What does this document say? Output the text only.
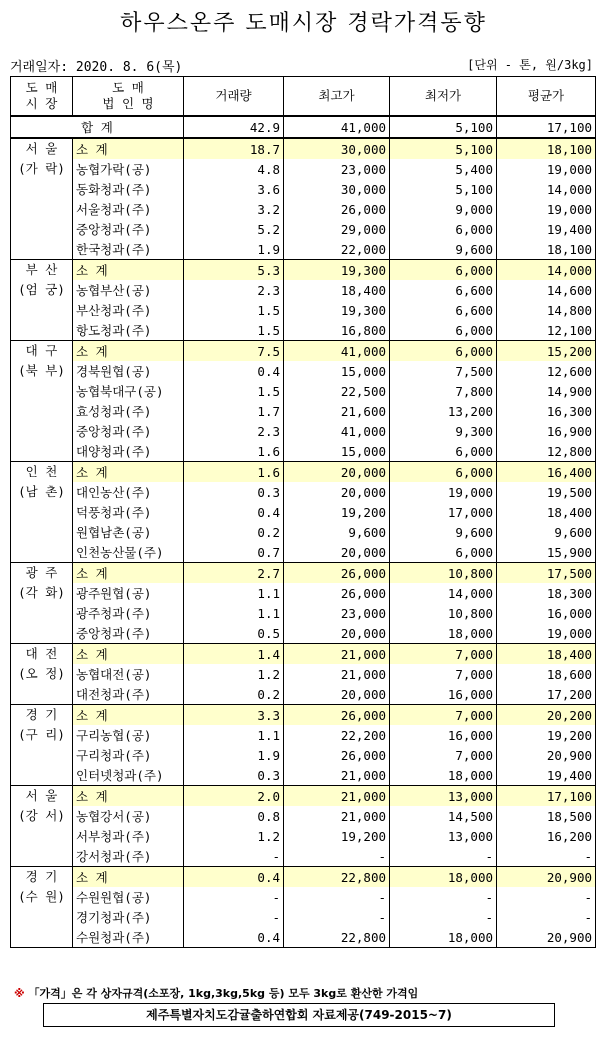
하우스온주 도매시장 경락가격동향
거래일자: 2020. 8. 6(목)	[단위 - 톤, 원/3kg]
도 매
시 장	도 매
법 인 명	거래량	최고가	최저가	평균가
합 계		42.9	41,000	5,100	17,100
서 울	소 계	18.7	30,000	5,100	18,100
(가 락)	농협가락(공)	4.8	23,000	5,400	19,000
	동화청과(주)	3.6	30,000	5,100	14,000
	서울청과(주)	3.2	26,000	9,000	19,000
	중앙청과(주)	5.2	29,000	6,000	19,400
	한국청과(주)	1.9	22,000	9,600	18,100
부 산	소 계	5.3	19,300	6,000	14,000
(엄 궁)	농협부산(공)	2.3	18,400	6,600	14,600
	부산청과(주)	1.5	19,300	6,600	14,800
	항도청과(주)	1.5	16,800	6,000	12,100
대 구	소 계	7.5	41,000	6,000	15,200
(북 부)	경북원협(공)	0.4	15,000	7,500	12,600
	농협북대구(공)	1.5	22,500	7,800	14,900
	효성청과(주)	1.7	21,600	13,200	16,300
	중앙청과(주)	2.3	41,000	9,300	16,900
	대양청과(주)	1.6	15,000	6,000	12,800
인 천	소 계	1.6	20,000	6,000	16,400
(남 촌)	대인농산(주)	0.3	20,000	19,000	19,500
	덕풍청과(주)	0.4	19,200	17,000	18,400
	원협남촌(공)	0.2	9,600	9,600	9,600
	인천농산물(주)	0.7	20,000	6,000	15,900
광 주	소 계	2.7	26,000	10,800	17,500
(각 화)	광주원협(공)	1.1	26,000	14,000	18,300
	광주청과(주)	1.1	23,000	10,800	16,000
	중앙청과(주)	0.5	20,000	18,000	19,000
대 전	소 계	1.4	21,000	7,000	18,400
(오 정)	농협대전(공)	1.2	21,000	7,000	18,600
	대전청과(주)	0.2	20,000	16,000	17,200
경 기	소 계	3.3	26,000	7,000	20,200
(구 리)	구리농협(공)	1.1	22,200	16,000	19,200
	구리청과(주)	1.9	26,000	7,000	20,900
	인터넷청과(주)	0.3	21,000	18,000	19,400
서 울	소 계	2.0	21,000	13,000	17,100
(강 서)	농협강서(공)	0.8	21,000	14,500	18,500
	서부청과(주)	1.2	19,200	13,000	16,200
	강서청과(주)	-	-	-	-
경 기	소 계	0.4	22,800	18,000	20,900
(수 원)	수원원협(공)	-	-	-	-
	경기청과(주)	-	-	-	-
	수원청과(주)	0.4	22,800	18,000	20,900
※ 「가격」은 각 상자규격(소포장, 1kg,3kg,5kg 등) 모두 3kg로 환산한 가격임
제주특별자치도감귤출하연합회 자료제공(749-2015~7)
